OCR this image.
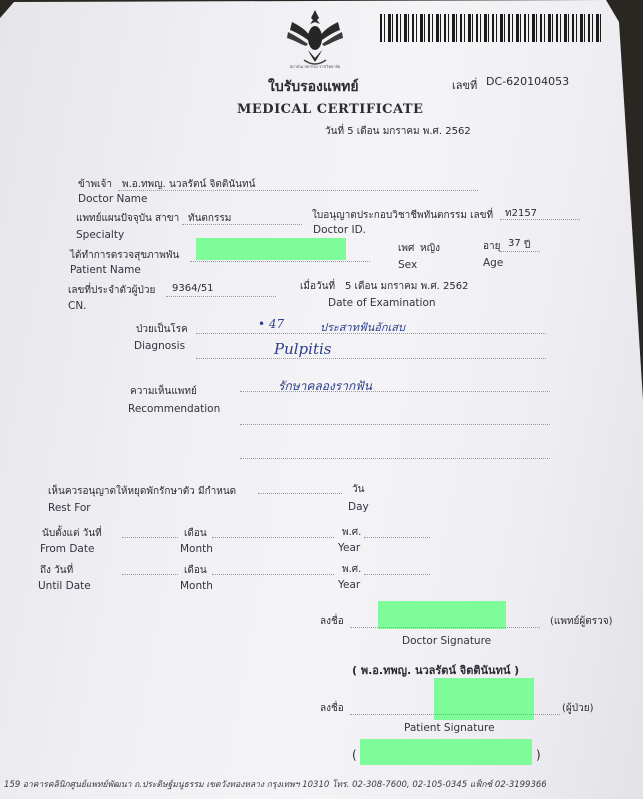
สถาบันเวชกรรม ราชวิทยาลัย
ใบรับรองแพทย์	เลขที่ DC-620104053
MEDICAL CERTIFICATE
วันที่ 5 เดือน มกราคม พ.ศ. 2562
ข้าพเจ้า พ.อ.ทพญ. นวลรัตน์ จิตตินันทน์
Doctor Name
แพทย์แผนปัจจุบัน สาขา ทันตกรรม
Specialty
ใบอนุญาตประกอบวิชาชีพทันตกรรม เลขที่ ท2157
Doctor ID.
ได้ทำการตรวจสุขภาพพัน
Patient Name
เพศ หญิง
Sex
อายุ 37 ปี
Age
เลขที่ประจำตัวผู้ป่วย 9364/51
CN.
เมื่อวันที่ 5 เดือน มกราคม พ.ศ. 2562
Date of Examination
ป่วยเป็นโรค
Diagnosis
• 47	ประสาทฟันอักเสบ
Pulpitis
ความเห็นแพทย์
Recommendation
รักษาคลองรากฟัน
เห็นควรอนุญาตให้หยุดพักรักษาตัว มีกำหนด	วัน
Rest For	Day
นับตั้งแต่ วันที่	เดือน	พ.ศ.
From Date	Month	Year
ถึง วันที่	เดือน	พ.ศ.
Until Date	Month	Year
ลงชื่อ	(แพทย์ผู้ตรวจ)
Doctor Signature
( พ.อ.ทพญ. นวลรัตน์ จิตตินันทน์ )
ลงชื่อ	(ผู้ป่วย)
Patient Signature
(	)
159 อาคารคลินิกศูนย์แพทย์พัฒนา ถ.ประดิษฐ์มนูธรรม เขตวังทองหลาง กรุงเทพฯ 10310 โทร. 02-308-7600, 02-105-0345 แฟ็กซ์ 02-3199366
